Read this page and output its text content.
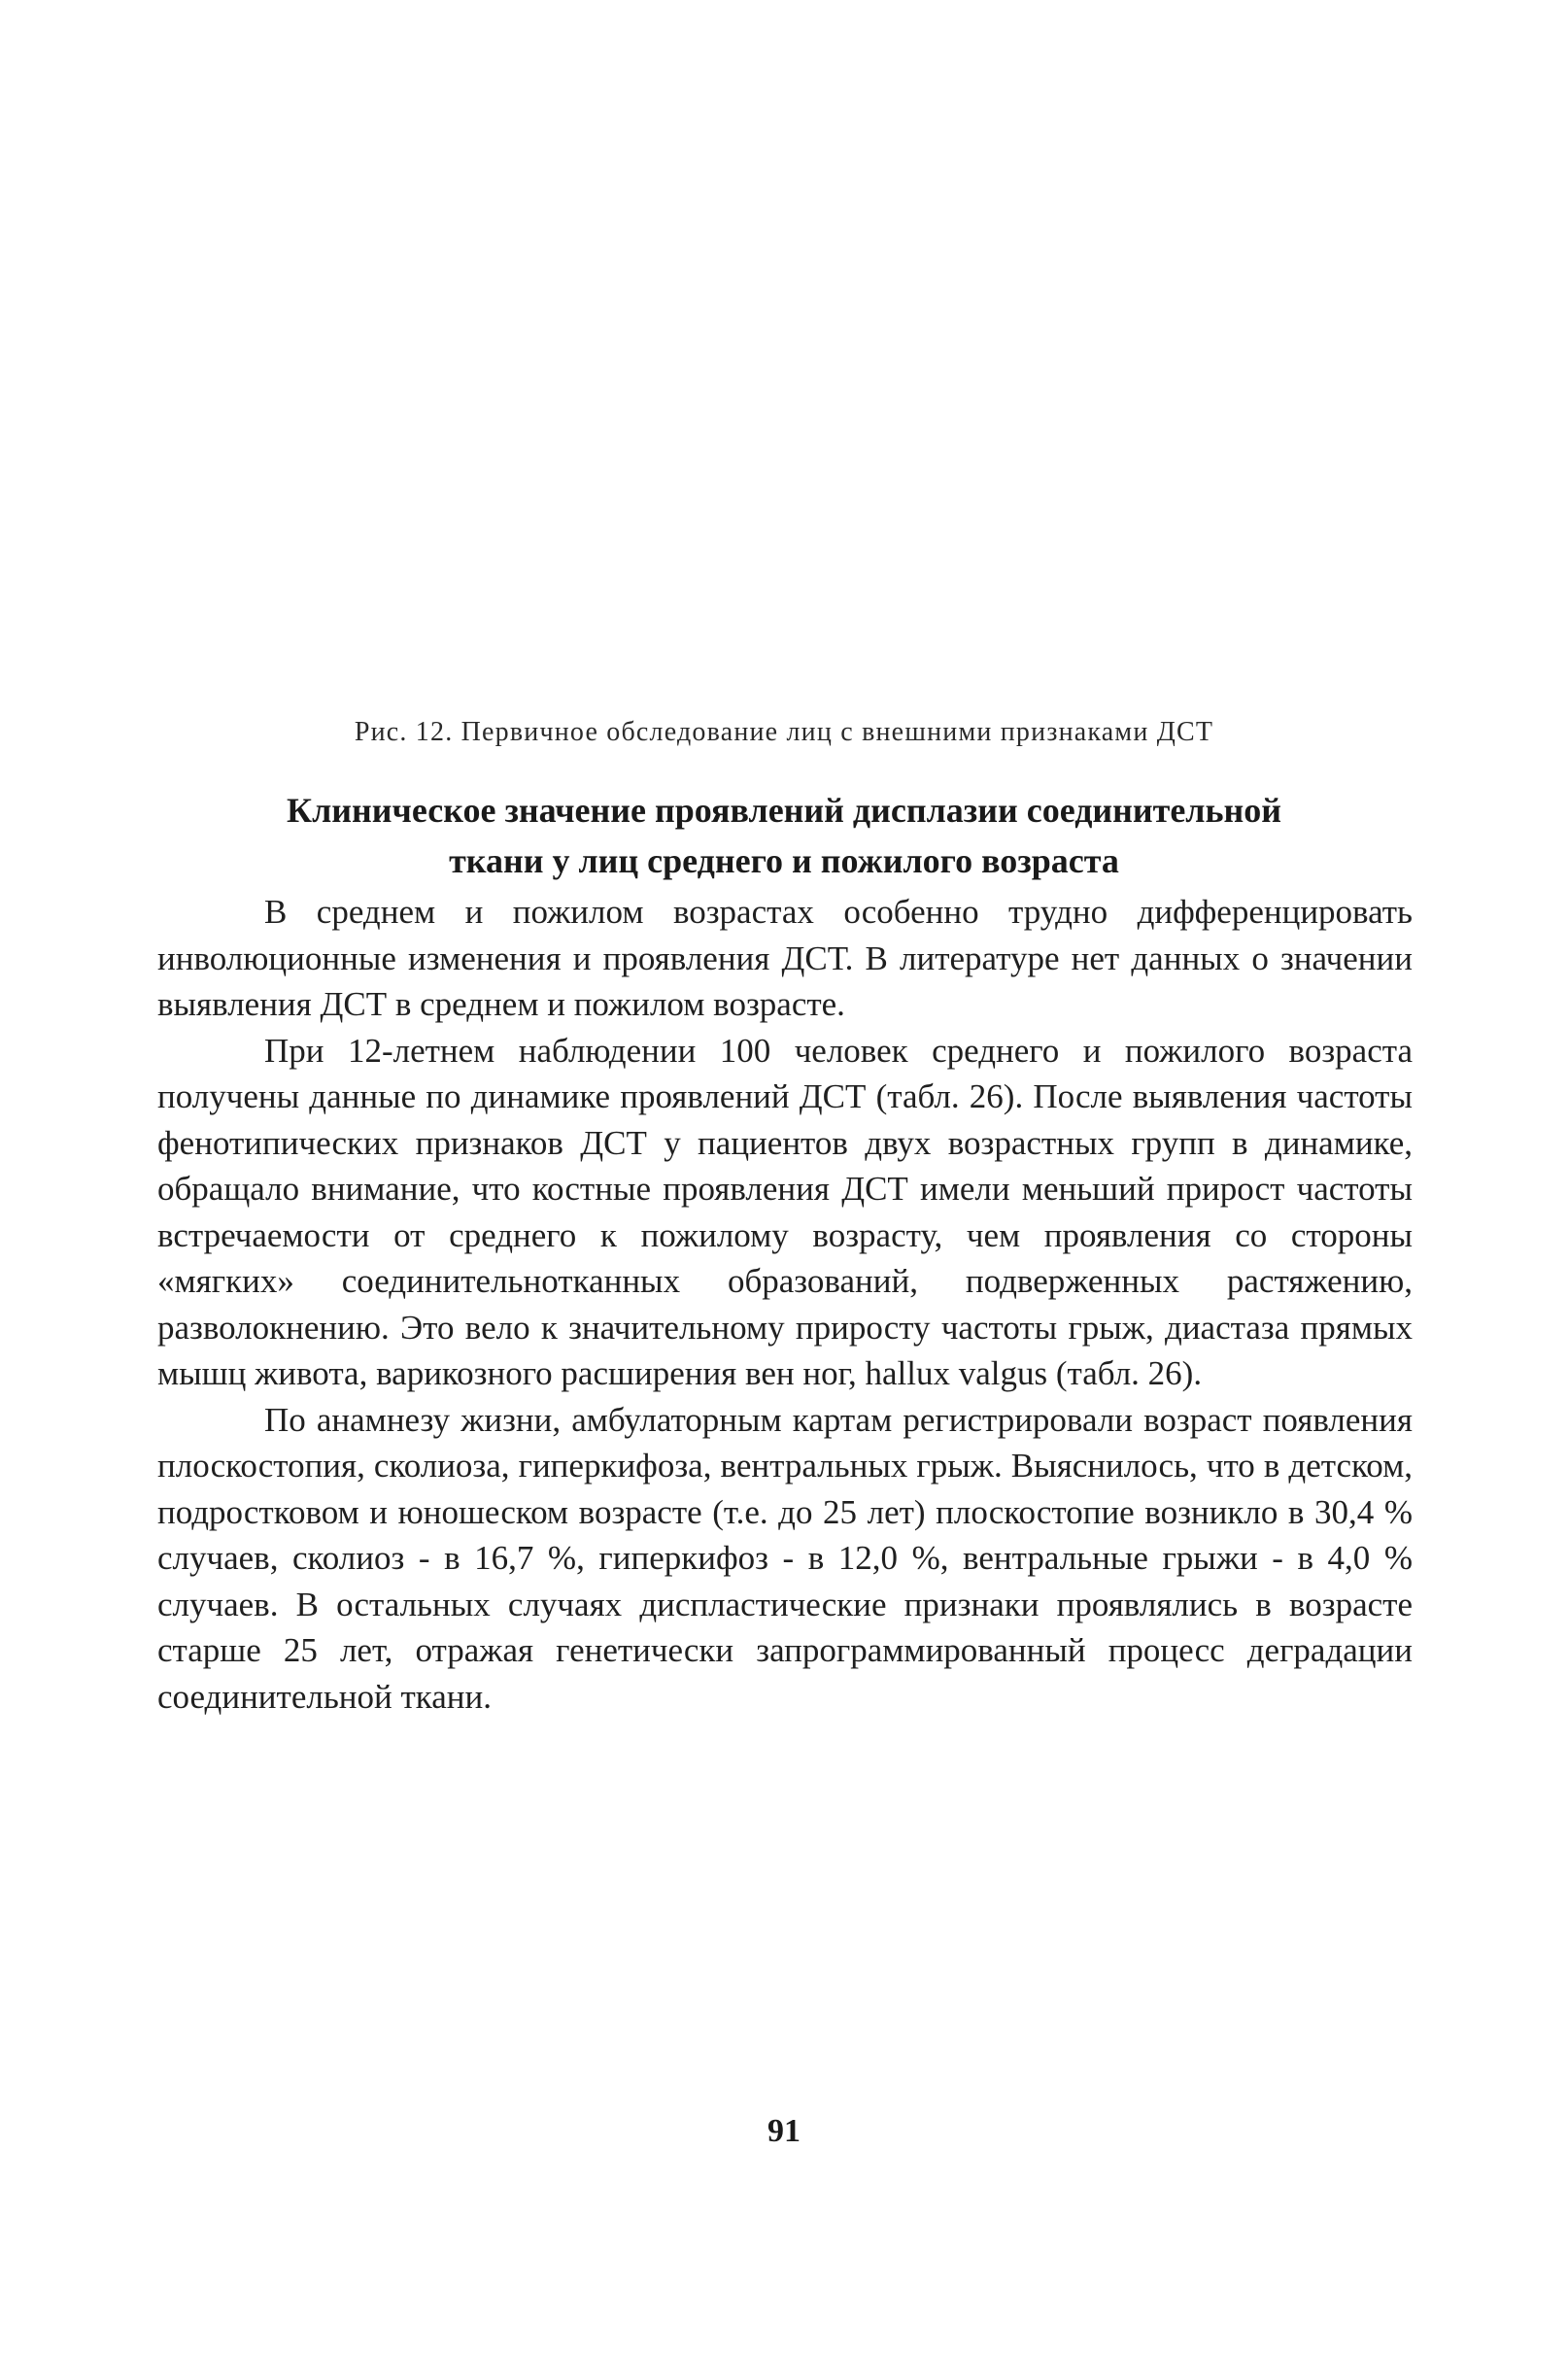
Рис. 12. Первичное обследование лиц с внешними признаками ДСТ
Клиническое значение проявлений дисплазии соединительной
ткани у лиц среднего и пожилого возраста

В среднем и пожилом возрастах особенно трудно дифференцировать инволюционные изменения и проявления ДСТ. В литературе нет данных о значении выявления ДСТ в среднем и пожилом возрасте.

При 12-летнем наблюдении 100 человек среднего и пожилого возраста получены данные по динамике проявлений ДСТ (табл. 26). После выявления частоты фенотипических признаков ДСТ у пациентов двух возрастных групп в динамике, обращало внимание, что костные проявления ДСТ имели меньший прирост частоты встречаемости от среднего к пожилому возрасту, чем проявления со стороны «мягких» соединительнотканных образований, подверженных растяжению, разволокнению. Это вело к значительному приросту частоты грыж, диастаза прямых мышц живота, варикозного расширения вен ног, hallux valgus (табл. 26).

По анамнезу жизни, амбулаторным картам регистрировали возраст появления плоскостопия, сколиоза, гиперкифоза, вентральных грыж. Выяснилось, что в детском, подростковом и юношеском возрасте (т.е. до 25 лет) плоскостопие возникло в 30,4 % случаев, сколиоз - в 16,7 %, гиперкифоз - в 12,0 %, вентральные грыжи - в 4,0 % случаев. В остальных случаях диспластические признаки проявлялись в возрасте старше 25 лет, отражая генетически запрограммированный процесс деградации соединительной ткани.

91
